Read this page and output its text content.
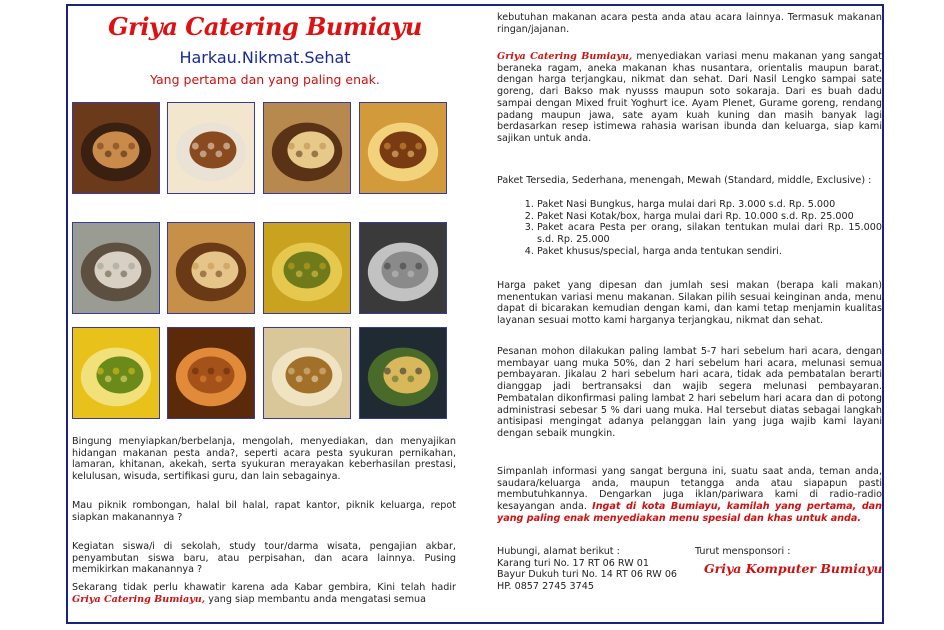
Griya Catering Bumiayu
Harkau.Nikmat.Sehat
Yang pertama dan yang paling enak.
Bingung menyiapkan/berbelanja, mengolah, menyediakan, dan menyajikan hidangan makanan pesta anda?, seperti acara pesta syukuran pernikahan, lamaran, khitanan, akekah, serta syukuran merayakan keberhasilan prestasi, kelulusan, wisuda, sertifikasi guru, dan lain sebagainya.
Mau piknik rombongan, halal bil halal, rapat kantor, piknik keluarga, repot siapkan makanannya ?
Kegiatan siswa/i di sekolah, study tour/darma wisata, pengajian akbar, penyambutan siswa baru, atau perpisahan, dan acara lainnya. Pusing memikirkan makanannya ?
Sekarang tidak perlu khawatir karena ada Kabar gembira, Kini telah hadir Griya Catering Bumiayu, yang siap membantu anda mengatasi semua
kebutuhan makanan acara pesta anda atau acara lainnya. Termasuk makanan ringan/jajanan.
Griya Catering Bumiayu, menyediakan variasi menu makanan yang sangat beraneka ragam, aneka makanan khas nusantara, orientalis maupun barat, dengan harga terjangkau, nikmat dan sehat. Dari Nasil Lengko sampai sate goreng, dari Bakso mak nyusss maupun soto sokaraja. Dari es buah dadu sampai dengan Mixed fruit Yoghurt ice. Ayam Plenet, Gurame goreng, rendang padang maupun jawa, sate ayam kuah kuning dan masih banyak lagi berdasarkan resep istimewa rahasia warisan ibunda dan keluarga, siap kami sajikan untuk anda.
Paket Tersedia, Sederhana, menengah, Mewah (Standard, middle, Exclusive) :
1. Paket Nasi Bungkus, harga mulai dari Rp. 3.000 s.d. Rp. 5.000
2. Paket Nasi Kotak/box, harga mulai dari Rp. 10.000 s.d. Rp. 25.000
3. Paket acara Pesta per orang, silakan tentukan mulai dari Rp. 15.000 s.d. Rp. 25.000
4. Paket khusus/special, harga anda tentukan sendiri.
Harga paket yang dipesan dan jumlah sesi makan (berapa kali makan) menentukan variasi menu makanan. Silakan pilih sesuai keinginan anda, menu dapat di bicarakan kemudian dengan kami, dan kami tetap menjamin kualitas layanan sesuai motto kami harganya terjangkau, nikmat dan sehat.
Pesanan mohon dilakukan paling lambat 5-7 hari sebelum hari acara, dengan membayar uang muka 50%, dan 2 hari sebelum hari acara, melunasi semua pembayaran. Jikalau 2 hari sebelum hari acara, tidak ada pembatalan berarti dianggap jadi bertransaksi dan wajib segera melunasi pembayaran. Pembatalan dikonfirmasi paling lambat 2 hari sebelum hari acara dan di potong administrasi sebesar 5 % dari uang muka. Hal tersebut diatas sebagai langkah antisipasi mengingat adanya pelanggan lain yang juga wajib kami layani dengan sebaik mungkin.
Simpanlah informasi yang sangat berguna ini, suatu saat anda, teman anda, saudara/keluarga anda, maupun tetangga anda atau siapapun pasti membutuhkannya. Dengarkan juga iklan/pariwara kami di radio-radio kesayangan anda. Ingat di kota Bumiayu, kamilah yang pertama, dan yang paling enak menyediakan menu spesial dan khas untuk anda.
Hubungi, alamat berikut :
Karang turi No. 17 RT 06 RW 01
Bayur Dukuh turi No. 14 RT 06 RW 06
HP. 0857 2745 3745
Turut mensponsori :
Griya Komputer Bumiayu
